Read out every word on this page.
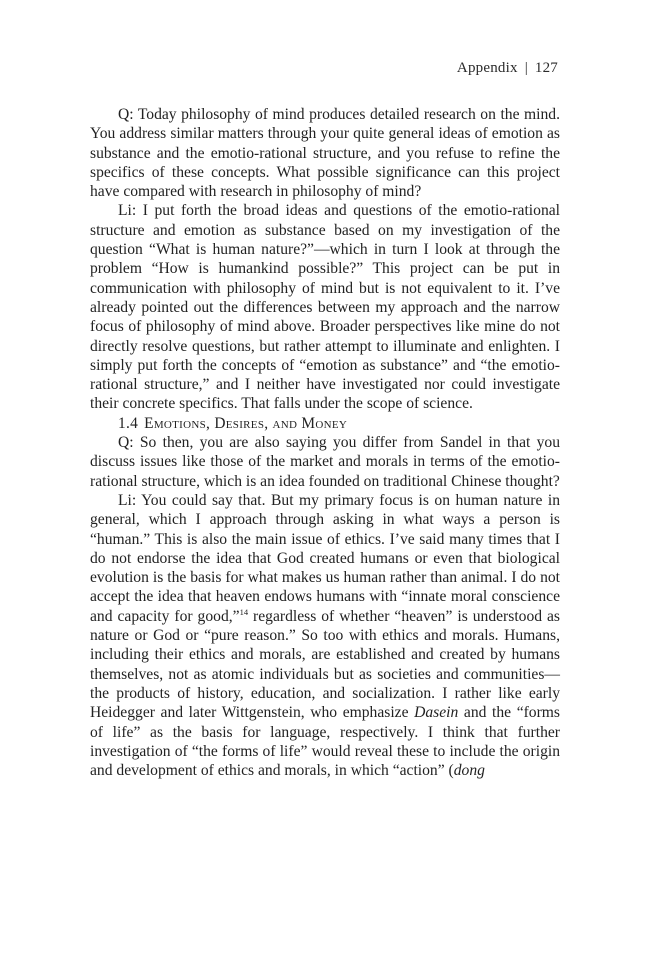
Appendix | 127

Q: Today philosophy of mind produces detailed research on the mind. You address similar matters through your quite general ideas of emotion as substance and the emotio-rational structure, and you refuse to refine the specifics of these concepts. What possible significance can this project have compared with research in philosophy of mind?

Li: I put forth the broad ideas and questions of the emotio-rational structure and emotion as substance based on my investigation of the question “What is human nature?”—which in turn I look at through the problem “How is humankind possible?” This project can be put in communication with philosophy of mind but is not equivalent to it. I’ve already pointed out the differences between my approach and the narrow focus of philosophy of mind above. Broader perspectives like mine do not directly resolve questions, but rather attempt to illuminate and enlighten. I simply put forth the concepts of “emotion as substance” and “the emotio-rational structure,” and I neither have investigated nor could investigate their concrete specifics. That falls under the scope of science.

1.4 Emotions, Desires, and Money

Q: So then, you are also saying you differ from Sandel in that you discuss issues like those of the market and morals in terms of the emotio-rational structure, which is an idea founded on traditional Chinese thought?

Li: You could say that. But my primary focus is on human nature in general, which I approach through asking in what ways a person is “human.” This is also the main issue of ethics. I’ve said many times that I do not endorse the idea that God created humans or even that biological evolution is the basis for what makes us human rather than animal. I do not accept the idea that heaven endows humans with “innate moral conscience and capacity for good,”$^{14}$ regardless of whether “heaven” is understood as nature or God or “pure reason.” So too with ethics and morals. Humans, including their ethics and morals, are established and created by humans themselves, not as atomic individuals but as societies and communities—the products of history, education, and socialization. I rather like early Heidegger and later Wittgenstein, who emphasize Dasein and the “forms of life” as the basis for language, respectively. I think that further investigation of “the forms of life” would reveal these to include the origin and development of ethics and morals, in which “action” (dong
